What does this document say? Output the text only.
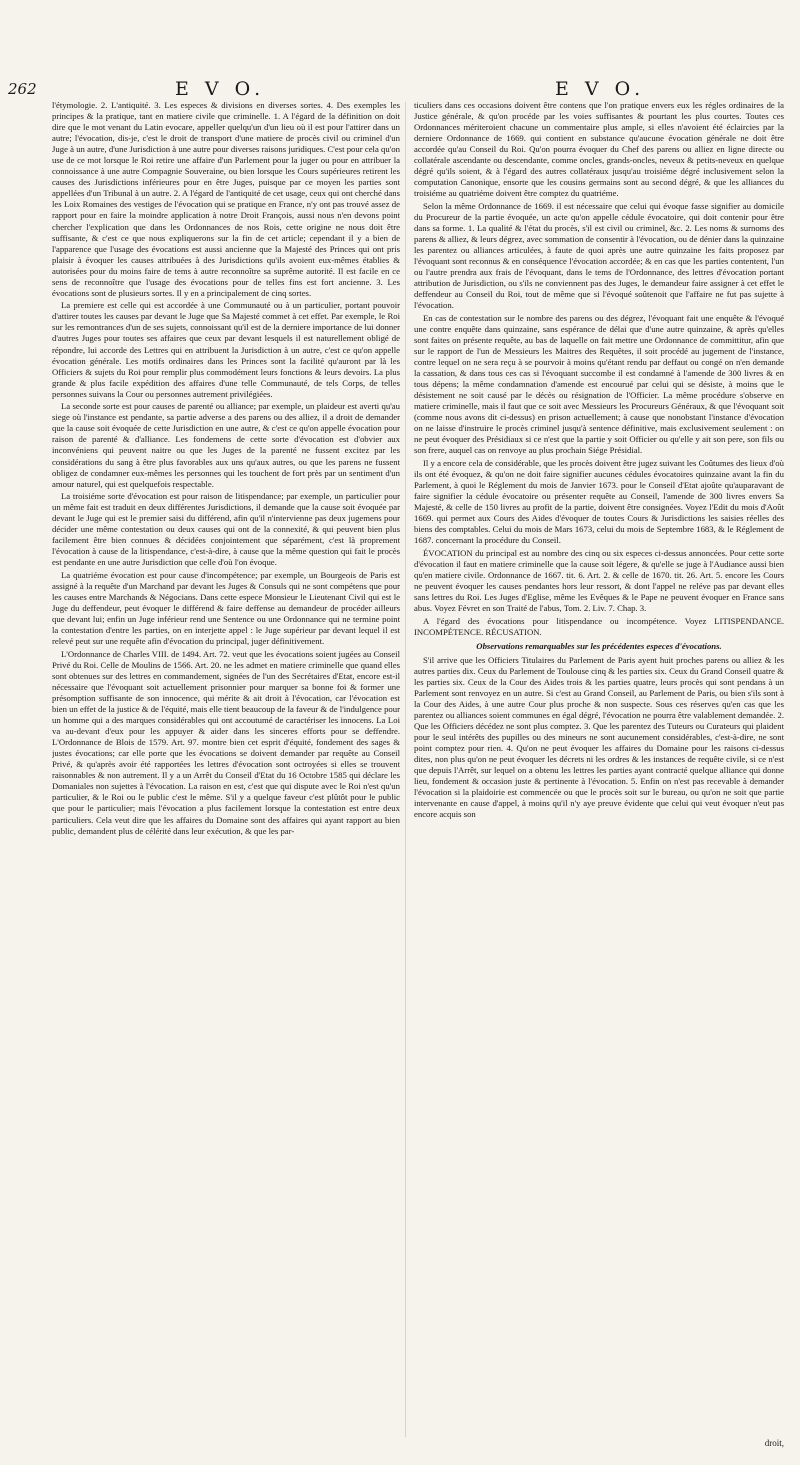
262	E V O.	E V O.

l'étymologie. 2. L'antiquité. 3. Les especes & divisions en diverses sortes. 4. Des exemples les principes & la pratique, tant en matiere civile que criminelle. 1. A l'égard de la définition on doit dire que le mot venant du Latin evocare, appeller quelqu'un d'un lieu où il est pour l'attirer dans un autre; l'évocation, dis-je, c'est le droit de transport d'une matiere de procès civil ou criminel d'un Juge à un autre, d'une Jurisdiction à une autre pour diverses raisons juridiques. C'est pour cela qu'on use de ce mot lorsque le Roi retire une affaire d'un Parlement pour la juger ou pour en attribuer la connoissance à une autre Compagnie Souveraine, ou bien lorsque les Cours supérieures retirent les causes des Jurisdictions inférieures pour en être Juges, puisque par ce moyen les parties sont appellées d'un Tribunal à un autre. 2. A l'égard de l'antiquité de cet usage, ceux qui ont cherché dans les Loix Romaines des vestiges de l'évocation qui se pratique en France, n'y ont pas trouvé assez de rapport pour en faire la moindre application à notre Droit François, aussi nous n'en devons point chercher l'explication que dans les Ordonnances de nos Rois, cette origine ne nous doit être suffisante, & c'est ce que nous expliquerons sur la fin de cet article; cependant il y a bien de l'apparence que l'usage des évocations est aussi ancienne que la Majesté des Princes qui ont pris plaisir à évoquer les causes attribuées à des Jurisdictions qu'ils avoient eux-mêmes établies & autorisées pour du moins faire de tems à autre reconnoître sa suprême autorité. Il est facile en ce sens de reconnoître que l'usage des évocations pour de telles fins est fort ancienne. 3. Les évocations sont de plusieurs sortes. Il y en a principalement de cinq sortes.

La premiere est celle qui est accordée à une Communauté ou à un particulier, portant pouvoir d'attirer toutes les causes par devant le Juge que Sa Majesté commet à cet effet. Par exemple, le Roi sur les remontrances d'un de ses sujets, connoissant qu'il est de la derniere importance de lui donner d'autres Juges pour toutes ses affaires que ceux par devant lesquels il est naturellement obligé de répondre, lui accorde des Lettres qui en attribuent la Jurisdiction à un autre, c'est ce qu'on appelle évocation générale. Les motifs ordinaires dans les Princes sont la facilité qu'auront par là les Officiers & sujets du Roi pour remplir plus commodément leurs fonctions & leurs devoirs. La plus grande & plus facile expédition des affaires d'une telle Communauté, de tels Corps, de telles personnes suivans la Cour ou personnes autrement privilégiées.

La seconde sorte est pour causes de parenté ou alliance; par exemple, un plaideur est averti qu'au siege où l'instance est pendante, sa partie adverse a des parens ou des alliez, il a droit de demander que la cause soit évoquée de cette Jurisdiction en une autre, & c'est ce qu'on appelle évocation pour raison de parenté & d'alliance. Les fondemens de cette sorte d'évocation est d'obvier aux inconvéniens qui peuvent naitre ou que les Juges de la parenté ne fussent excitez par les considérations du sang à être plus favorables aux uns qu'aux autres, ou que les parens ne fussent obligez de condamner eux-mêmes les personnes qui les touchent de fort près par un sentiment d'un amour naturel, qui est quelquefois respectable.

La troisiéme sorte d'évocation est pour raison de litispendance; par exemple, un particulier pour un même fait est traduit en deux différentes Jurisdictions, il demande que la cause soit évoquée par devant le Juge qui est le premier saisi du différend, afin qu'il n'intervienne pas deux jugemens pour décider une même contestation ou deux causes qui ont de la connexité, & qui peuvent bien plus facilement être bien connues & décidées conjointement que séparément, c'est là proprement l'évocation à cause de la litispendance, c'est-à-dire, à cause que la même question qui fait le procès est pendante en une autre Jurisdiction que celle d'où l'on évoque.

La quatriéme évocation est pour cause d'incompétence; par exemple, un Bourgeois de Paris est assigné à la requête d'un Marchand par devant les Juges & Consuls qui ne sont compétens que pour les causes entre Marchands & Négocians. Dans cette espece Monsieur le Lieutenant Civil qui est le Juge du deffendeur, peut évoquer le différend & faire deffense au demandeur de procéder ailleurs que devant lui; enfin un Juge inférieur rend une Sentence ou une Ordonnance qui ne termine point la contestation d'entre les parties, on en interjette appel : le Juge supérieur par devant lequel il est relevé peut sur une requête afin d'évocation du principal, juger définitivement.

L'Ordonnance de Charles VIII. de 1494. Art. 72. veut que les évocations soient jugées au Conseil Privé du Roi. Celle de Moulins de 1566. Art. 20. ne les admet en matiere criminelle que quand elles sont obtenues sur des lettres en commandement, signées de l'un des Secrétaires d'Etat, encore est-il nécessaire que l'évoquant soit actuellement prisonnier pour marquer sa bonne foi & former une présomption suffisante de son innocence, qui mérite & ait droit à l'évocation, car l'évocation est bien un effet de la justice & de l'équité, mais elle tient beaucoup de la faveur & de l'indulgence pour un homme qui a des marques considérables qui ont accoutumé de caractériser les innocens. La Loi va au-devant d'eux pour les appuyer & aider dans les sinceres efforts pour se deffendre. L'Ordonnance de Blois de 1579. Art. 97. montre bien cet esprit d'équité, fondement des sages & justes évocations; car elle porte que les évocations se doivent demander par requête au Conseil Privé, & qu'après avoir été rapportées les lettres d'évocation sont octroyées si elles se trouvent raisonnables & non autrement. Il y a un Arrêt du Conseil d'Etat du 16 Octobre 1585 qui déclare les Domaniales non sujettes à l'évocation. La raison en est, c'est que qui dispute avec le Roi n'est qu'un particulier, & le Roi ou le public c'est le même. S'il y a quelque faveur c'est plûtôt pour le public que pour le particulier; mais l'évocation a plus facilement lorsque la contestation est entre deux particuliers. Cela veut dire que les affaires du Domaine sont des affaires qui ayant rapport au bien public, demandent plus de célérité dans leur exécution, & que les par-

ticuliers dans ces occasions doivent être contens que l'on pratique envers eux les régles ordinaires de la Justice générale, & qu'on procéde par les voies suffisantes & pourtant les plus courtes. Toutes ces Ordonnances mériteroient chacune un commentaire plus ample, si elles n'avoient été éclaircies par la derniere Ordonnance de 1669. qui contient en substance qu'aucune évocation générale ne doit être accordée qu'au Conseil du Roi. Qu'on pourra évoquer du Chef des parens ou alliez en ligne directe ou collatérale ascendante ou descendante, comme oncles, grands-oncles, neveux & petits-neveux en quelque dégré qu'ils soient, & à l'égard des autres collatéraux jusqu'au troisiéme dégré inclusivement selon la computation Canonique, ensorte que les cousins germains sont au second dégré, & que les alliances du troisiéme au quatriéme doivent être comptez du quatriéme.

Selon la même Ordonnance de 1669. il est nécessaire que celui qui évoque fasse signifier au domicile du Procureur de la partie évoquée, un acte qu'on appelle cédule évocatoire, qui doit contenir pour être dans sa forme. 1. La qualité & l'état du procès, s'il est civil ou criminel, &c. 2. Les noms & surnoms des parens & alliez, & leurs dégrez, avec sommation de consentir à l'évocation, ou de dénier dans la quinzaine les parentez ou alliances articulées, à faute de quoi après une autre quinzaine les faits proposez par l'évoquant sont reconnus & en conséquence l'évocation accordée; & en cas que les parties contentent, l'un ou l'autre prendra aux frais de l'évoquant, dans le tems de l'Ordonnance, des lettres d'évocation portant attribution de Jurisdiction, ou s'ils ne conviennent pas des Juges, le demandeur faire assigner à cet effet le deffendeur au Conseil du Roi, tout de même que si l'évoqué soûtenoit que l'affaire ne fut pas sujette à l'évocation.

En cas de contestation sur le nombre des parens ou des dégrez, l'évoquant fait une enquête & l'évoqué une contre enquête dans quinzaine, sans espérance de délai que d'une autre quinzaine, & après qu'elles sont faites on présente requête, au bas de laquelle on fait mettre une Ordonnance de committitur, afin que sur le rapport de l'un de Messieurs les Maitres des Requêtes, il soit procédé au jugement de l'instance, contre lequel on ne sera reçu à se pourvoir à moins qu'étant rendu par deffaut ou congé on n'en demande la cassation, & dans tous ces cas si l'évoquant succombe il est condamné à l'amende de 300 livres & en tous dépens; la même condamnation d'amende est encourué par celui qui se désiste, à moins que le désistement ne soit causé par le décès ou résignation de l'Officier. La même procédure s'observe en matiere criminelle, mais il faut que ce soit avec Messieurs les Procureurs Généraux, & que l'évoquant soit (comme nous avons dit ci-dessus) en prison actuellement; à cause que nonobstant l'instance d'évocation on ne laisse d'instruire le procès criminel jusqu'à sentence définitive, mais exclusivement seulement : on ne peut évoquer des Présidiaux si ce n'est que la partie y soit Officier ou qu'elle y ait son pere, son fils ou son frere, auquel cas on renvoye au plus prochain Siége Présidial.

Il y a encore cela de considérable, que les procès doivent être jugez suivant les Coûtumes des lieux d'où ils ont été évoquez, & qu'on ne doit faire signifier aucunes cédules évocatoires quinzaine avant la fin du Parlement, à quoi le Réglement du mois de Janvier 1673. pour le Conseil d'Etat ajoûte qu'auparavant de faire signifier la cédule évocatoire ou présenter requête au Conseil, l'amende de 300 livres envers Sa Majesté, & celle de 150 livres au profit de la partie, doivent être consignées. Voyez l'Edit du mois d'Août 1669. qui permet aux Cours des Aides d'évoquer de toutes Cours & Jurisdictions les saisies réelles des biens des comptables. Celui du mois de Mars 1673, celui du mois de Septembre 1683, & le Réglement de 1687. concernant la procédure du Conseil.

ÉVOCATION du principal est au nombre des cinq ou six especes ci-dessus annoncées. Pour cette sorte d'évocation il faut en matiere criminelle que la cause soit légere, & qu'elle se juge à l'Audiance aussi bien qu'en matiere civile. Ordonnance de 1667. tit. 6. Art. 2. & celle de 1670. tit. 26. Art. 5. encore les Cours ne peuvent évoquer les causes pendantes hors leur ressort, & dont l'appel ne reléve pas par devant elles sans lettres du Roi. Les Juges d'Eglise, même les Evêques & le Pape ne peuvent évoquer en France sans abus. Voyez Févret en son Traité de l'abus, Tom. 2. Liv. 7. Chap. 3.

A l'égard des évocations pour litispendance ou incompétence. Voyez LITISPENDANCE. INCOMPÉTENCE. RÉCUSATION.

Observations remarquables sur les précédentes especes d'évocations.

S'il arrive que les Officiers Titulaires du Parlement de Paris ayent huit proches parens ou alliez & les autres parties dix. Ceux du Parlement de Toulouse cinq & les parties six. Ceux du Grand Conseil quatre & les parties six. Ceux de la Cour des Aides trois & les parties quatre, leurs procès qui sont pendans à un Parlement sont renvoyez en un autre. Si c'est au Grand Conseil, au Parlement de Paris, ou bien s'ils sont à la Cour des Aides, à une autre Cour plus proche & non suspecte. Sous ces réserves qu'en cas que les parentez ou alliances soient communes en égal dégré, l'évocation ne pourra être valablement demandée. 2. Que les Officiers décédez ne sont plus comptez. 3. Que les parentez des Tuteurs ou Curateurs qui plaident pour le seul intérêts des pupilles ou des mineurs ne sont aucunement considérables, c'est-à-dire, ne sont point comptez pour rien. 4. Qu'on ne peut évoquer les affaires du Domaine pour les raisons ci-dessus dites, non plus qu'on ne peut évoquer les décrets ni les ordres & les instances de requête civile, si ce n'est que depuis l'Arrêt, sur lequel on a obtenu les lettres les parties ayant contracté quelque alliance qui donne lieu, fondement & occasion juste & pertinente à l'évocation. 5. Enfin on n'est pas recevable à demander l'évocation si la plaidoirie est commencée ou que le procès soit sur le bureau, ou qu'on ne soit que partie intervenante en cause d'appel, à moins qu'il n'y aye preuve évidente que celui qui veut évoquer n'eut pas encore acquis son

droit,
